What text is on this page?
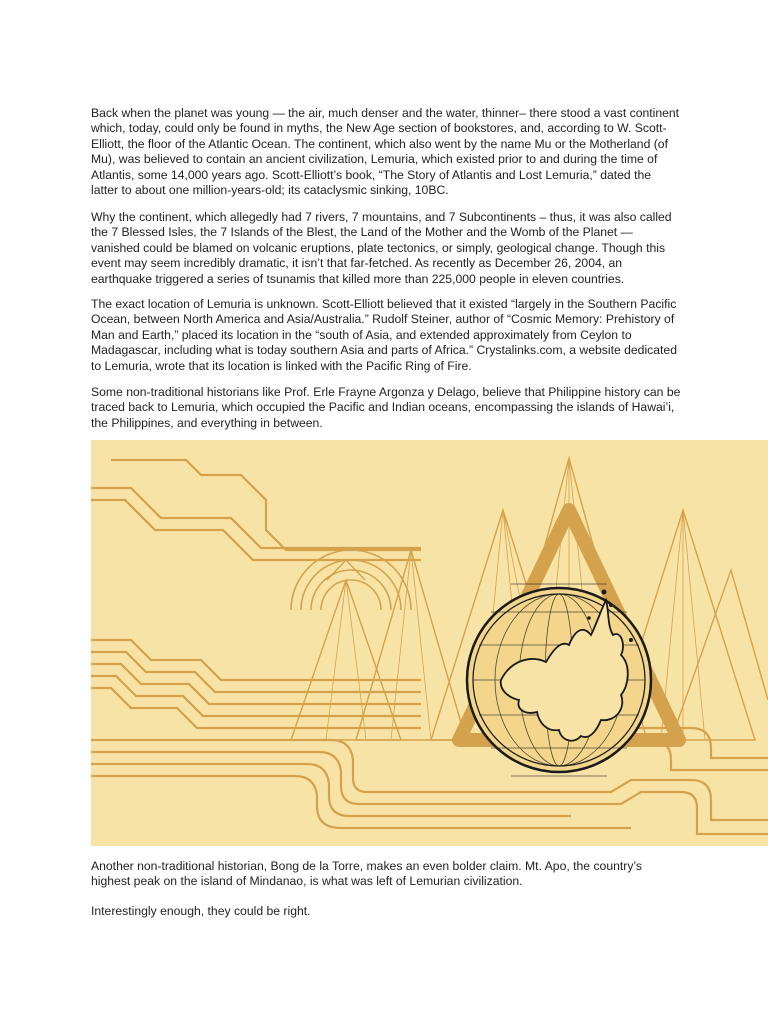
Back when the planet was young — the air, much denser and the water, thinner– there stood a vast continent which, today, could only be found in myths, the New Age section of bookstores, and, according to W. Scott-Elliott, the floor of the Atlantic Ocean. The continent, which also went by the name Mu or the Motherland (of Mu), was believed to contain an ancient civilization, Lemuria, which existed prior to and during the time of Atlantis, some 14,000 years ago. Scott-Elliott’s book, “The Story of Atlantis and Lost Lemuria,” dated the latter to about one million-years-old; its cataclysmic sinking, 10BC.

Why the continent, which allegedly had 7 rivers, 7 mountains, and 7 Subcontinents – thus, it was also called the 7 Blessed Isles, the 7 Islands of the Blest, the Land of the Mother and the Womb of the Planet — vanished could be blamed on volcanic eruptions, plate tectonics, or simply, geological change. Though this event may seem incredibly dramatic, it isn’t that far-fetched. As recently as December 26, 2004, an earthquake triggered a series of tsunamis that killed more than 225,000 people in eleven countries.

The exact location of Lemuria is unknown. Scott-Elliott believed that it existed “largely in the Southern Pacific Ocean, between North America and Asia/Australia.” Rudolf Steiner, author of “Cosmic Memory: Prehistory of Man and Earth,” placed its location in the “south of Asia, and extended approximately from Ceylon to Madagascar, including what is today southern Asia and parts of Africa.” Crystalinks.com, a website dedicated to Lemuria, wrote that its location is linked with the Pacific Ring of Fire.

Some non-traditional historians like Prof. Erle Frayne Argonza y Delago, believe that Philippine history can be traced back to Lemuria, which occupied the Pacific and Indian oceans, encompassing the islands of Hawai’i, the Philippines, and everything in between.

Another non-traditional historian, Bong de la Torre, makes an even bolder claim. Mt. Apo, the country’s highest peak on the island of Mindanao, is what was left of Lemurian civilization.

Interestingly enough, they could be right.
